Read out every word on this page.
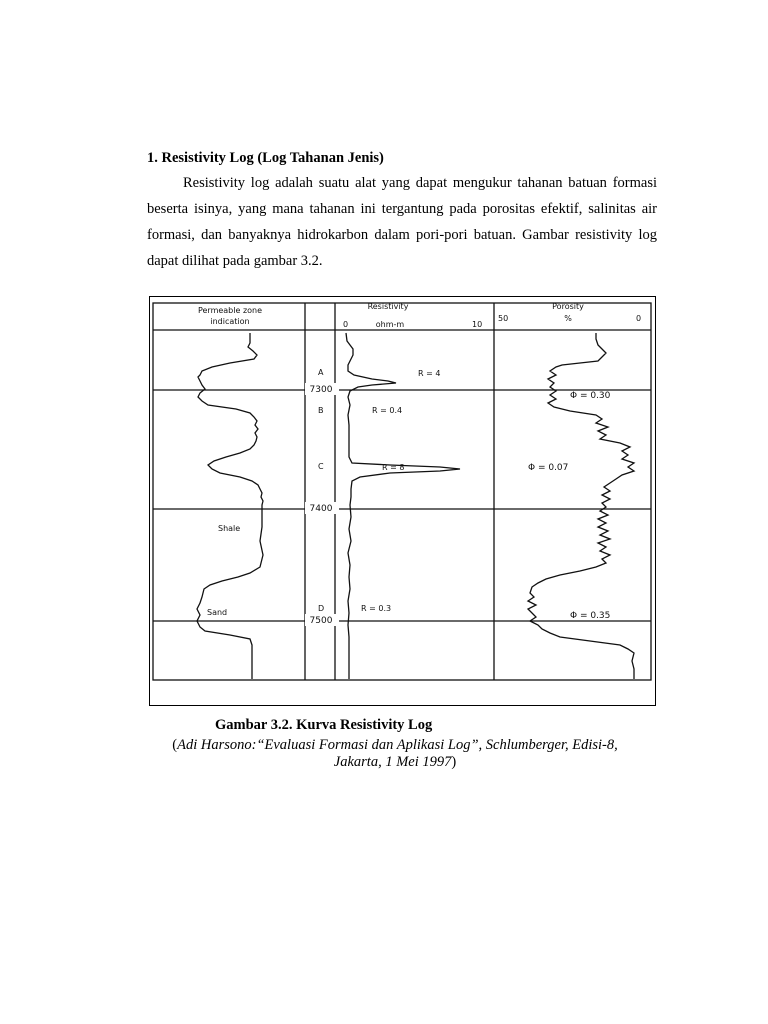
1. Resistivity Log (Log Tahanan Jenis)
Resistivity log adalah suatu alat yang dapat mengukur tahanan batuan formasi beserta isinya, yang mana tahanan ini tergantung pada porositas efektif, salinitas air formasi, dan banyaknya hidrokarbon dalam pori-pori batuan. Gambar resistivity log dapat dilihat pada gambar 3.2.
Permeable zone
indication
Resistivity
0	ohm-m	10
Porosity
50	%	0
7300
7400
7500
A
B
C
D
Shale
Sand
R = 4
R = 0.4
R = 8
R = 0.3
Φ = 0.30
Φ = 0.07
Φ = 0.35
Gambar 3.2. Kurva Resistivity Log
(Adi Harsono:“Evaluasi Formasi dan Aplikasi Log”, Schlumberger, Edisi-8, Jakarta, 1 Mei 1997)
